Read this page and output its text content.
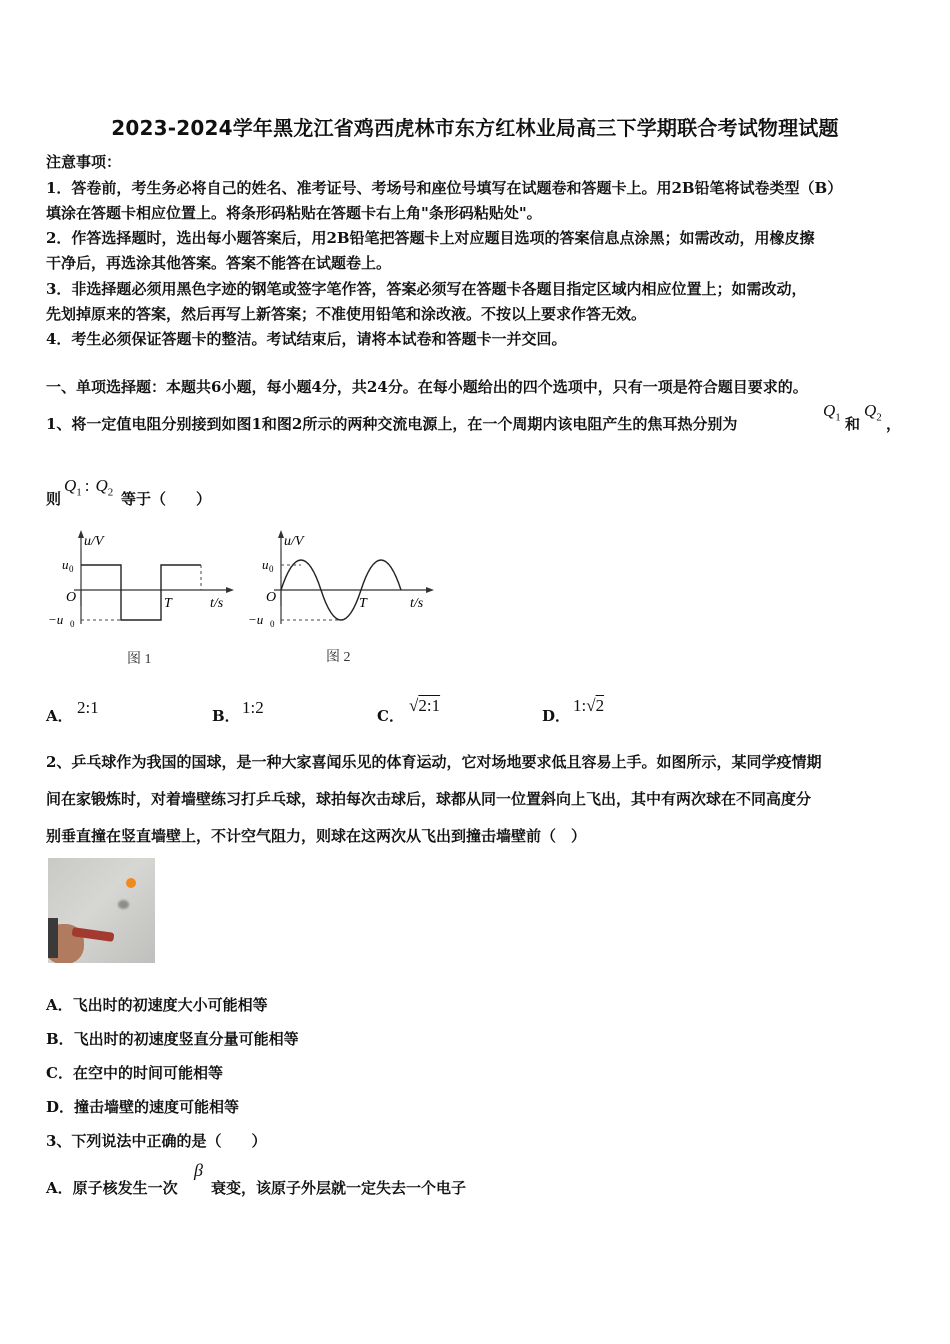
2023-2024学年黑龙江省鸡西虎林市东方红林业局高三下学期联合考试物理试题
注意事项：
1．答卷前，考生务必将自己的姓名、准考证号、考场号和座位号填写在试题卷和答题卡上。用2B铅笔将试卷类型（B）
填涂在答题卡相应位置上。将条形码粘贴在答题卡右上角"条形码粘贴处"。
2．作答选择题时，选出每小题答案后，用2B铅笔把答题卡上对应题目选项的答案信息点涂黑；如需改动，用橡皮擦
干净后，再选涂其他答案。答案不能答在试题卷上。
3．非选择题必须用黑色字迹的钢笔或签字笔作答，答案必须写在答题卡各题目指定区域内相应位置上；如需改动，
先划掉原来的答案，然后再写上新答案；不准使用铅笔和涂改液。不按以上要求作答无效。
4．考生必须保证答题卡的整洁。考试结束后，请将本试卷和答题卡一并交回。
一、单项选择题：本题共6小题，每小题4分，共24分。在每小题给出的四个选项中，只有一项是符合题目要求的。
1、将一定值电阻分别接到如图1和图2所示的两种交流电源上，在一个周期内该电阻产生的焦耳热分别为
$Q_1$ 和
$Q_2$ ，
则
$Q_1$ : $Q_2$ 等于（　　）
u/V
u 0
O
−u 0
T	t/s
图 1
u/V
u 0
O
−u 0
T	t/s
图 2
A． 2:1	B． 1:2	C．
√2:1
D．
1:√2
2、乒乓球作为我国的国球，是一种大家喜闻乐见的体育运动，它对场地要求低且容易上手。如图所示，某同学疫情期
间在家锻炼时，对着墙壁练习打乒乓球，球拍每次击球后，球都从同一位置斜向上飞出，其中有两次球在不同高度分
别垂直撞在竖直墙壁上，不计空气阻力，则球在这两次从飞出到撞击墙壁前（　）
A．飞出时的初速度大小可能相等
B．飞出时的初速度竖直分量可能相等
C．在空中的时间可能相等
D．撞击墙壁的速度可能相等
3、下列说法中正确的是（　　）
A．原子核发生一次
β
衰变，该原子外层就一定失去一个电子
